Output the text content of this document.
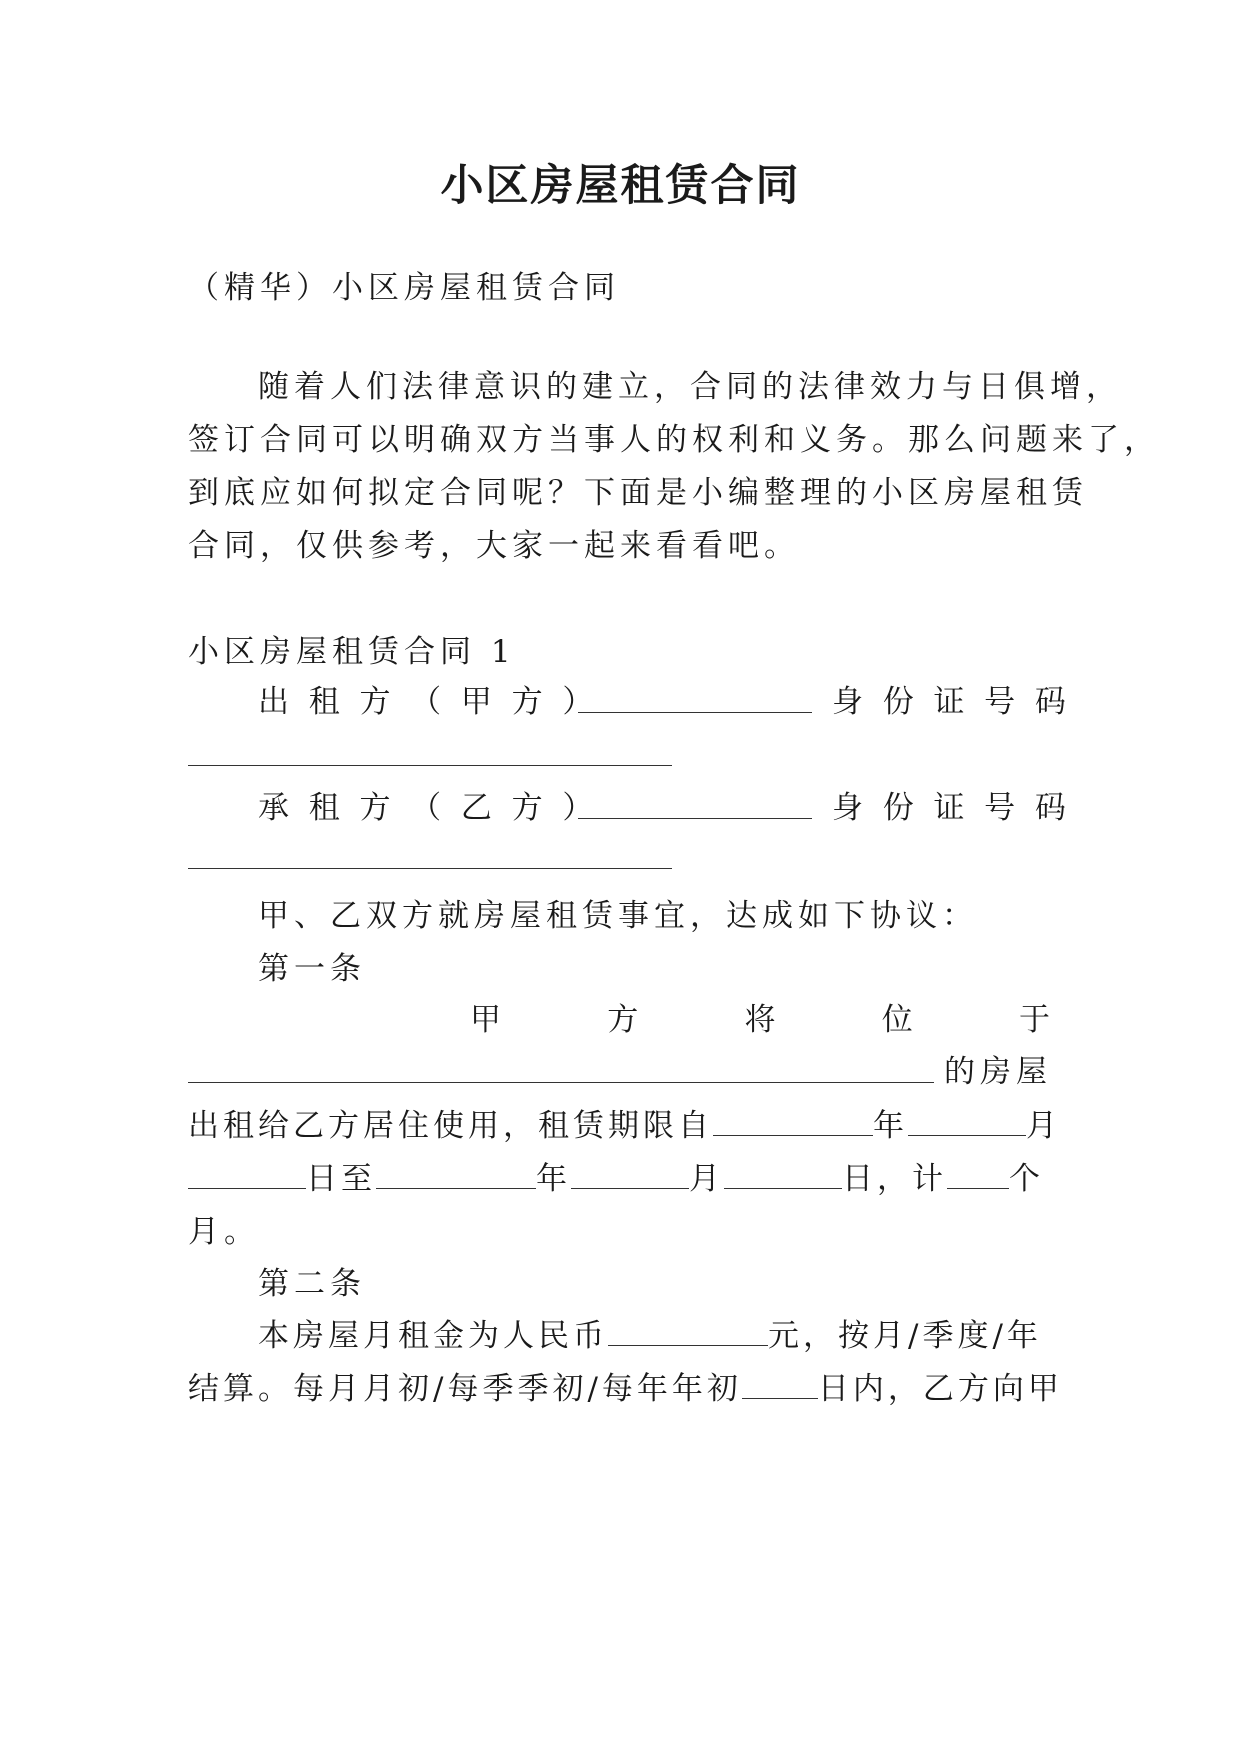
小区房屋租赁合同
（精华）小区房屋租赁合同
随着人们法律意识的建立，合同的法律效力与日俱增，
签订合同可以明确双方当事人的权利和义务。那么问题来了，
到底应如何拟定合同呢？下面是小编整理的小区房屋租赁
合同，仅供参考，大家一起来看看吧。
小区房屋租赁合同 1
出 租 方 （ 甲 方 ）	身 份 证 号 码
承 租 方 （ 乙 方 ）	身 份 证 号 码
甲、乙双方就房屋租赁事宜，达成如下协议：
第一条
甲	方	将	位	于
的房屋
出租给乙方居住使用，租赁期限自	年	月
日至	年	月	日，计 个
月。
第二条
本房屋月租金为人民币	元，按月/季度/年
结算。每月月初/每季季初/每年年初 日内，乙方向甲
